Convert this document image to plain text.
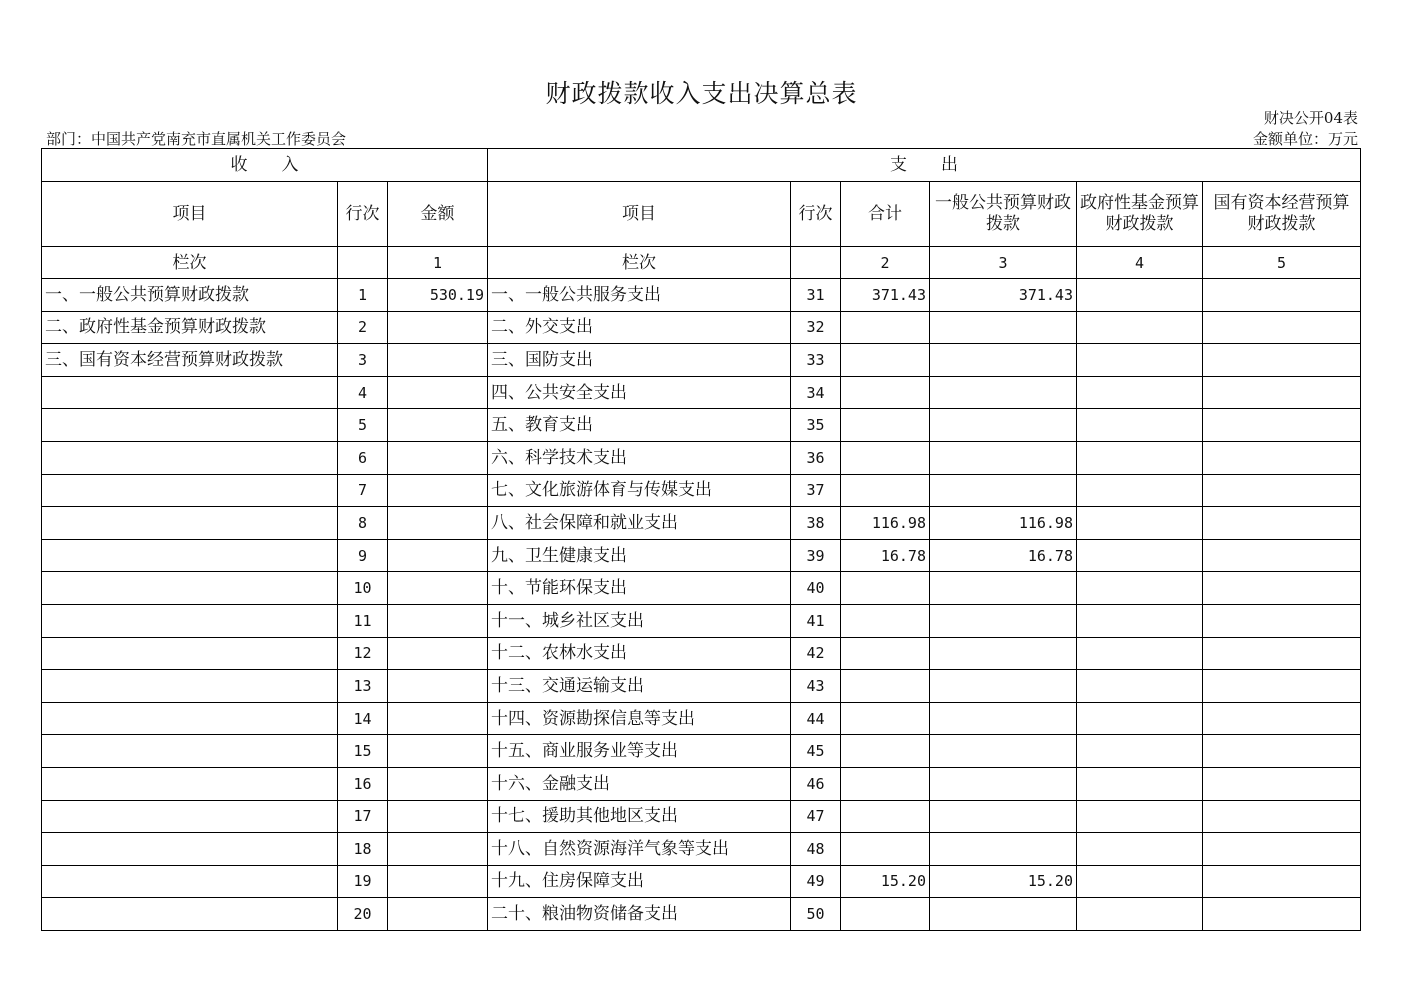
财政拨款收入支出决算总表
财决公开04表
部门：中国共产党南充市直属机关工作委员会	金额单位：万元
收　　入			支　　出					
项目	行次	金额	项目	行次	合计	一般公共预算财政拨款	政府性基金预算财政拨款	国有资本经营预算财政拨款
栏次		1	栏次		2	3	4	5
一、一般公共预算财政拨款	1	530.19	一、一般公共服务支出	31	371.43	371.43		
二、政府性基金预算财政拨款	2		二、外交支出	32				
三、国有资本经营预算财政拨款	3		三、国防支出	33				
	4		四、公共安全支出	34				
	5		五、教育支出	35				
	6		六、科学技术支出	36				
	7		七、文化旅游体育与传媒支出	37				
	8		八、社会保障和就业支出	38	116.98	116.98		
	9		九、卫生健康支出	39	16.78	16.78		
	10		十、节能环保支出	40				
	11		十一、城乡社区支出	41				
	12		十二、农林水支出	42				
	13		十三、交通运输支出	43				
	14		十四、资源勘探信息等支出	44				
	15		十五、商业服务业等支出	45				
	16		十六、金融支出	46				
	17		十七、援助其他地区支出	47				
	18		十八、自然资源海洋气象等支出	48				
	19		十九、住房保障支出	49	15.20	15.20		
	20		二十、粮油物资储备支出	50				
